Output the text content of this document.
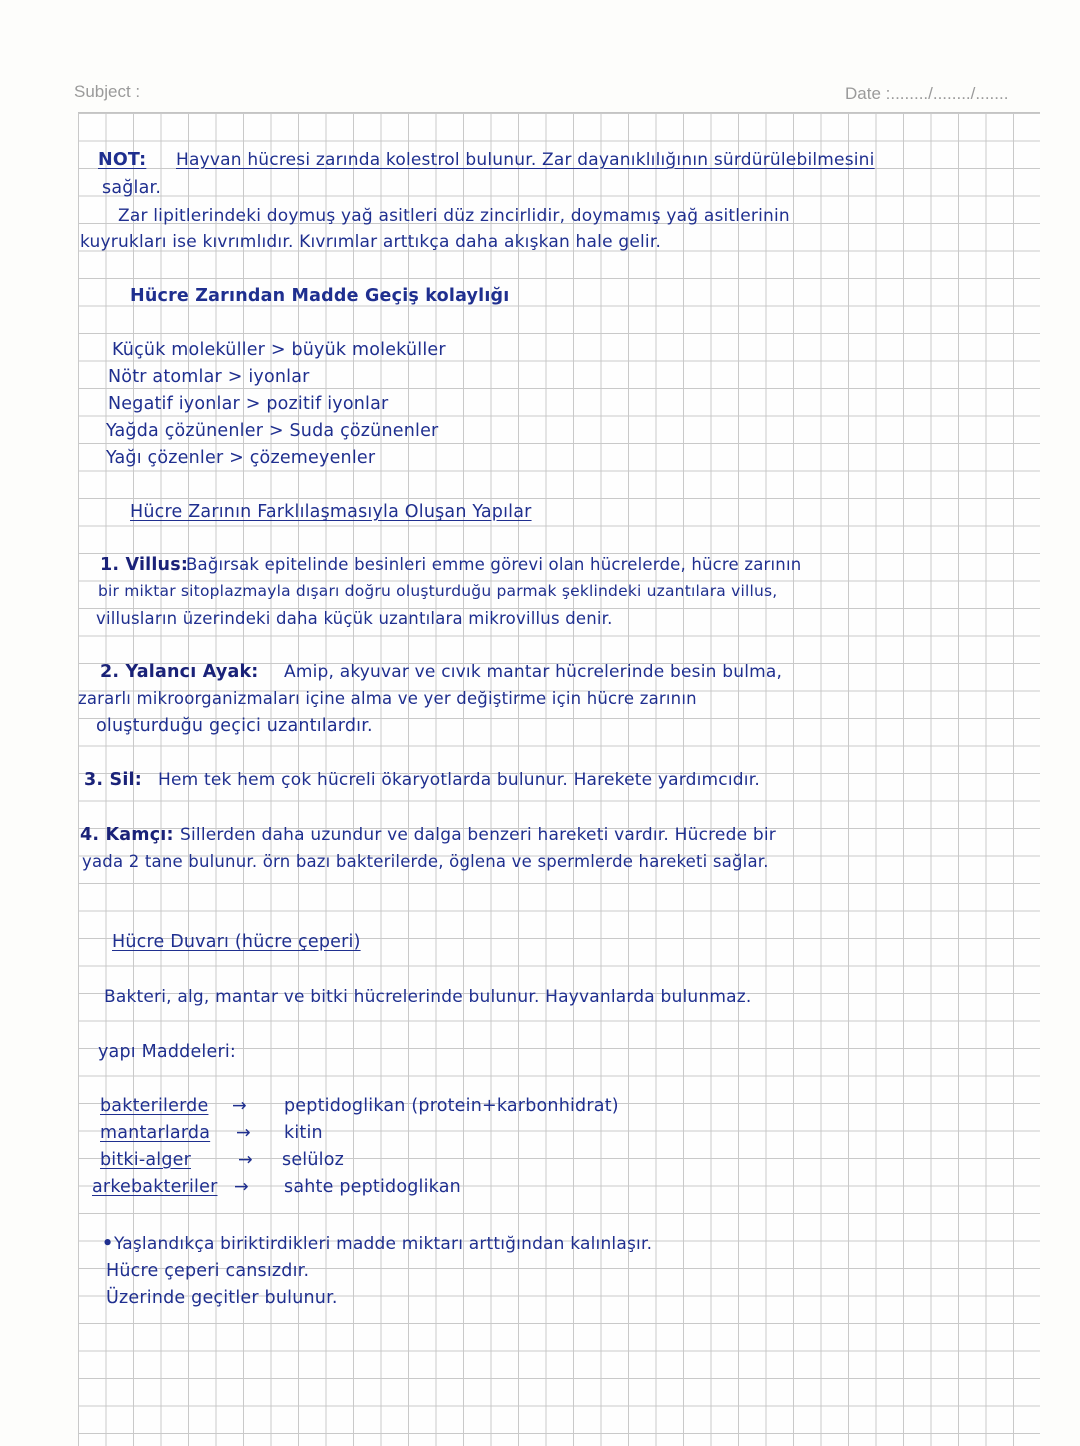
Subject :	Date :......../......../.......
NOT: Hayvan hücresi zarında kolestrol bulunur. Zar dayanıklılığının sürdürülebilmesini
sağlar.
Zar lipitlerindeki doymuş yağ asitleri düz zincirlidir, doymamış yağ asitlerinin
kuyrukları ise kıvrımlıdır. Kıvrımlar arttıkça daha akışkan hale gelir.
Hücre Zarından Madde Geçiş kolaylığı
Küçük moleküller > büyük moleküller
Nötr atomlar > iyonlar
Negatif iyonlar > pozitif iyonlar
Yağda çözünenler > Suda çözünenler
Yağı çözenler > çözemeyenler
Hücre Zarının Farklılaşmasıyla Oluşan Yapılar
1. Villus:
Bağırsak epitelinde besinleri emme görevi olan hücrelerde, hücre zarının
bir miktar sitoplazmayla dışarı doğru oluşturduğu parmak şeklindeki uzantılara villus,
villusların üzerindeki daha küçük uzantılara mikrovillus denir.
2. Yalancı Ayak: Amip, akyuvar ve cıvık mantar hücrelerinde besin bulma,
zararlı mikroorganizmaları içine alma ve yer değiştirme için hücre zarının
oluşturduğu geçici uzantılardır.
3. Sil: Hem tek hem çok hücreli ökaryotlarda bulunur. Harekete yardımcıdır.
4. Kamçı: Sillerden daha uzundur ve dalga benzeri hareketi vardır. Hücrede bir
yada 2 tane bulunur. örn bazı bakterilerde, öglena ve spermlerde hareketi sağlar.
Hücre Duvarı (hücre çeperi)
Bakteri, alg, mantar ve bitki hücrelerinde bulunur. Hayvanlarda bulunmaz.
yapı Maddeleri:
bakterilerde → peptidoglikan (protein+karbonhidrat)
mantarlarda → kitin
bitki-alger	→ selüloz
arkebakteriler → sahte peptidoglikan
• Yaşlandıkça biriktirdikleri madde miktarı arttığından kalınlaşır.
Hücre çeperi cansızdır.
Üzerinde geçitler bulunur.
